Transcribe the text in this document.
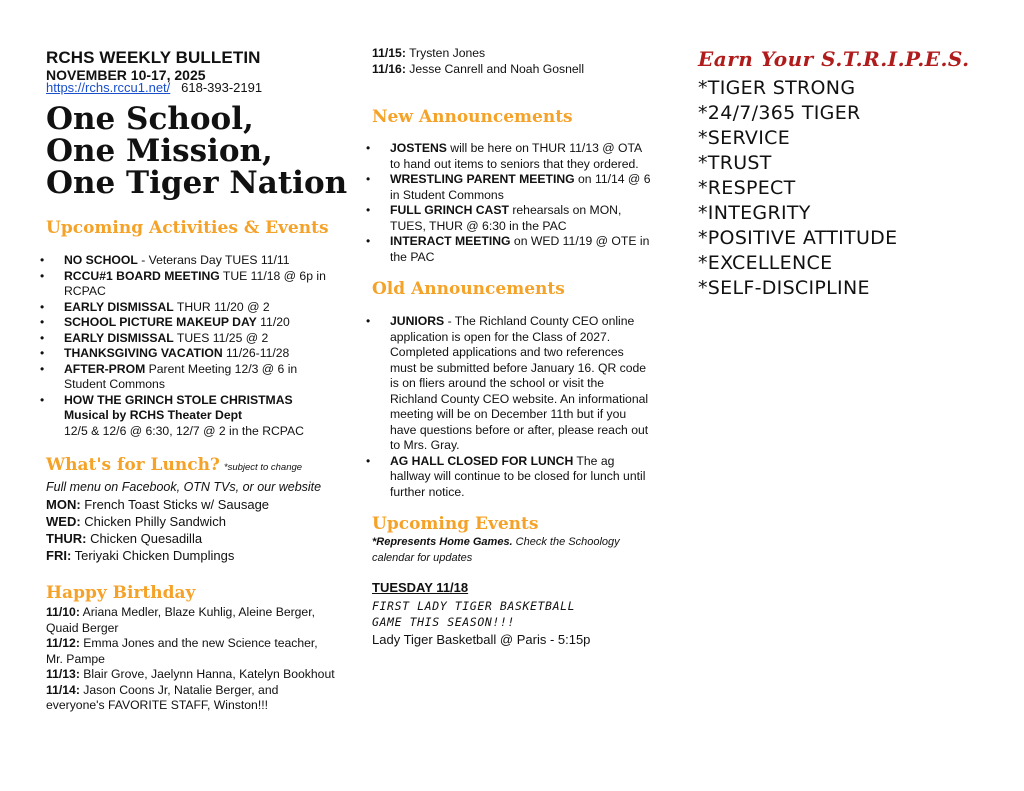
RCHS WEEKLY BULLETIN
NOVEMBER 10-17, 2025
https://rchs.rccu1.net/ 618-393-2191
One School,
One Mission,
One Tiger Nation
Upcoming Activities & Events
• NO SCHOOL - Veterans Day TUES 11/11
• RCCU#1 BOARD MEETING TUE 11/18 @ 6p in RCPAC
• EARLY DISMISSAL THUR 11/20 @ 2
• SCHOOL PICTURE MAKEUP DAY 11/20
• EARLY DISMISSAL TUES 11/25 @ 2
• THANKSGIVING VACATION 11/26-11/28
• AFTER-PROM Parent Meeting 12/3 @ 6 in Student Commons
• HOW THE GRINCH STOLE CHRISTMAS Musical by RCHS Theater Dept
12/5 & 12/6 @ 6:30, 12/7 @ 2 in the RCPAC
What's for Lunch? *subject to change
Full menu on Facebook, OTN TVs, or our website
MON: French Toast Sticks w/ Sausage
WED: Chicken Philly Sandwich
THUR: Chicken Quesadilla
FRI: Teriyaki Chicken Dumplings
Happy Birthday
11/10: Ariana Medler, Blaze Kuhlig, Aleine Berger, Quaid Berger
11/12: Emma Jones and the new Science teacher, Mr. Pampe
11/13: Blair Grove, Jaelynn Hanna, Katelyn Bookhout
11/14: Jason Coons Jr, Natalie Berger, and everyone's FAVORITE STAFF, Winston!!!
11/15: Trysten Jones
11/16: Jesse Canrell and Noah Gosnell
New Announcements
• JOSTENS will be here on THUR 11/13 @ OTA to hand out items to seniors that they ordered.
• WRESTLING PARENT MEETING on 11/14 @ 6 in Student Commons
• FULL GRINCH CAST rehearsals on MON, TUES, THUR @ 6:30 in the PAC
• INTERACT MEETING on WED 11/19 @ OTE in the PAC
Old Announcements
• JUNIORS - The Richland County CEO online application is open for the Class of 2027. Completed applications and two references must be submitted before January 16. QR code is on fliers around the school or visit the Richland County CEO website. An informational meeting will be on December 11th but if you have questions before or after, please reach out to Mrs. Gray.
• AG HALL CLOSED FOR LUNCH The ag hallway will continue to be closed for lunch until further notice.
Upcoming Events
*Represents Home Games. Check the Schoology calendar for updates
TUESDAY 11/18
FIRST LADY TIGER BASKETBALL
GAME THIS SEASON!!!
Lady Tiger Basketball @ Paris - 5:15p
Earn Your S.T.R.I.P.E.S.
*TIGER STRONG
*24/7/365 TIGER
*SERVICE
*TRUST
*RESPECT
*INTEGRITY
*POSITIVE ATTITUDE
*EXCELLENCE
*SELF-DISCIPLINE
